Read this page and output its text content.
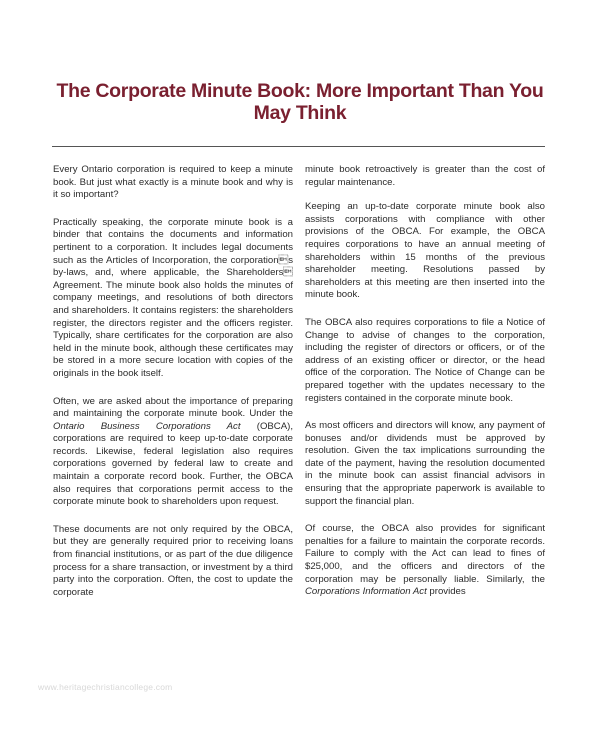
The Corporate Minute Book: More Important Than You May Think

Every Ontario corporation is required to keep a minute book. But just what exactly is a minute book and why is it so important?

Practically speaking, the corporate minute book is a binder that contains the documents and information pertinent to a corporation. It includes legal documents such as the Articles of Incorporation, the corporations by-laws, and, where applicable, the Shareholders Agreement. The minute book also holds the minutes of company meetings, and resolutions of both directors and shareholders. It contains registers: the shareholders register, the directors register and the officers register. Typically, share certificates for the corporation are also held in the minute book, although these certificates may be stored in a more secure location with copies of the originals in the book itself.

Often, we are asked about the importance of preparing and maintaining the corporate minute book. Under the Ontario Business Corporations Act (OBCA), corporations are required to keep up-to-date corporate records. Likewise, federal legislation also requires corporations governed by federal law to create and maintain a corporate record book. Further, the OBCA also requires that corporations permit access to the corporate minute book to shareholders upon request.

These documents are not only required by the OBCA, but they are generally required prior to receiving loans from financial institutions, or as part of the due diligence process for a share transaction, or investment by a third party into the corporation. Often, the cost to update the corporate

minute book retroactively is greater than the cost of regular maintenance.

Keeping an up-to-date corporate minute book also assists corporations with compliance with other provisions of the OBCA. For example, the OBCA requires corporations to have an annual meeting of shareholders within 15 months of the previous shareholder meeting. Resolutions passed by shareholders at this meeting are then inserted into the minute book.

The OBCA also requires corporations to file a Notice of Change to advise of changes to the corporation, including the register of directors or officers, or of the address of an existing officer or director, or the head office of the corporation. The Notice of Change can be prepared together with the updates necessary to the registers contained in the corporate minute book.

As most officers and directors will know, any payment of bonuses and/or dividends must be approved by resolution. Given the tax implications surrounding the date of the payment, having the resolution documented in the minute book can assist financial advisors in ensuring that the appropriate paperwork is available to support the financial plan.

Of course, the OBCA also provides for significant penalties for a failure to maintain the corporate records. Failure to comply with the Act can lead to fines of $25,000, and the officers and directors of the corporation may be personally liable. Similarly, the Corporations Information Act provides

www.heritagechristiancollege.com
